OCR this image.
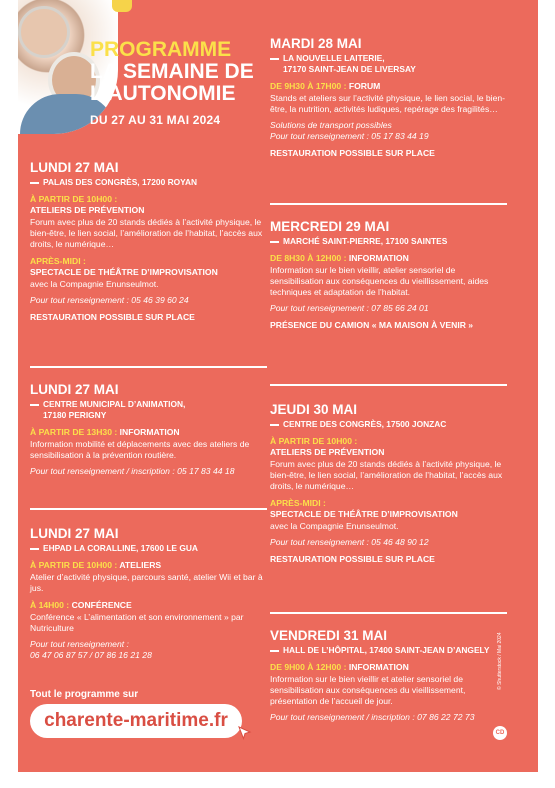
PROGRAMME
LA SEMAINE DE
L’AUTONOMIE
DU 27 AU 31 MAI 2024
LUNDI 27 MAI
PALAIS DES CONGRÈS, 17200 ROYAN
À PARTIR DE 10H00 :
ATELIERS DE PRÉVENTION
Forum avec plus de 20 stands dédiés à l’activité physique, le bien-être, le lien social, l’amélioration de l’habitat, l’accès aux droits, le numérique…
APRÈS-MIDI :
SPECTACLE DE THÉÂTRE D’IMPROVISATION
avec la Compagnie Enunseulmot.
Pour tout renseignement : 05 46 39 60 24
RESTAURATION POSSIBLE SUR PLACE
LUNDI 27 MAI
CENTRE MUNICIPAL D’ANIMATION,
17180 PERIGNY
À PARTIR DE 13H30 : INFORMATION
Information mobilité et déplacements avec des ateliers de sensibilisation à la prévention routière.
Pour tout renseignement / inscription : 05 17 83 44 18
LUNDI 27 MAI
EHPAD LA CORALLINE, 17600 LE GUA
À PARTIR DE 10H00 : ATELIERS
Atelier d’activité physique, parcours santé, atelier Wii et bar à jus.
À 14H00 : CONFÉRENCE
Conférence « L’alimentation et son environnement » par Nutriculture
Pour tout renseignement :
06 47 06 87 57 / 07 86 16 21 28
MARDI 28 MAI
LA NOUVELLE LAITERIE,
17170 SAINT-JEAN DE LIVERSAY
DE 9H30 À 17H00 : FORUM
Stands et ateliers sur l’activité physique, le lien social, le bien-être, la nutrition, activités ludiques, repérage des fragilités…
Solutions de transport possibles
Pour tout renseignement : 05 17 83 44 19
RESTAURATION POSSIBLE SUR PLACE
MERCREDI 29 MAI
MARCHÉ SAINT-PIERRE, 17100 SAINTES
DE 8H30 À 12H00 : INFORMATION
Information sur le bien vieillir, atelier sensoriel de sensibilisation aux conséquences du vieillissement, aides techniques et adaptation de l’habitat.
Pour tout renseignement : 07 85 66 24 01
PRÉSENCE DU CAMION « MA MAISON À VENIR »
JEUDI 30 MAI
CENTRE DES CONGRÈS, 17500 JONZAC
À PARTIR DE 10H00 :
ATELIERS DE PRÉVENTION
Forum avec plus de 20 stands dédiés à l’activité physique, le bien-être, le lien social, l’amélioration de l’habitat, l’accès aux droits, le numérique…
APRÈS-MIDI :
SPECTACLE DE THÉÂTRE D’IMPROVISATION
avec la Compagnie Enunseulmot.
Pour tout renseignement : 05 46 48 90 12
RESTAURATION POSSIBLE SUR PLACE
VENDREDI 31 MAI
HALL DE L’HÔPITAL, 17400 SAINT-JEAN D’ANGELY
DE 9H00 À 12H00 : INFORMATION
Information sur le bien vieillir et atelier sensoriel de sensibilisation aux conséquences du vieillissement, présentation de l’accueil de jour.
Pour tout renseignement / inscription : 07 86 22 72 73
Tout le programme sur
charente-maritime.fr
© Shutterstock / Mai 2024
CD
